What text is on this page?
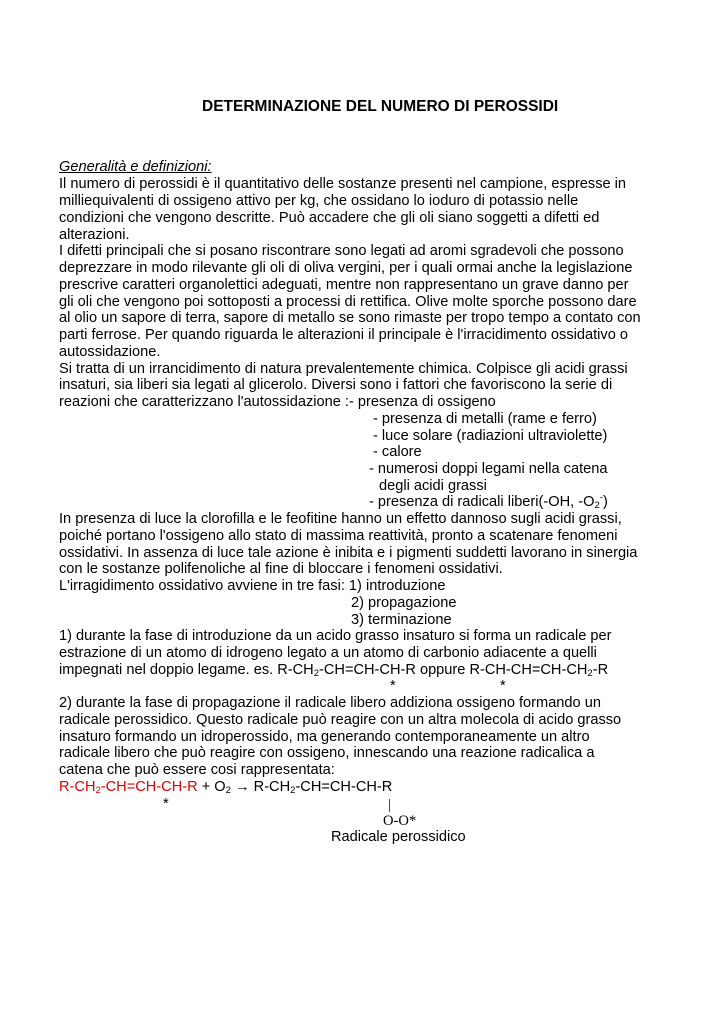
DETERMINAZIONE DEL NUMERO DI PEROSSIDI
Generalità e definizioni:
Il numero di perossidi è il quantitativo delle sostanze presenti nel campione, espresse in
milliequivalenti di ossigeno attivo per kg, che ossidano lo ioduro di potassio nelle
condizioni che vengono descritte. Può accadere che gli oli siano soggetti a difetti ed
alterazioni.
I difetti principali che si posano riscontrare sono legati ad aromi sgradevoli che possono
deprezzare in modo rilevante gli oli di oliva vergini, per i quali ormai anche la legislazione
prescrive caratteri organolettici adeguati, mentre non rappresentano un grave danno per
gli oli che vengono poi sottoposti a processi di rettifica. Olive molte sporche possono dare
al olio un sapore di terra, sapore di metallo se sono rimaste per tropo tempo a contato con
parti ferrose. Per quando riguarda le alterazioni il principale è l'irracidimento ossidativo o
autossidazione.
Si tratta di un irrancidimento di natura prevalentemente chimica. Colpisce gli acidi grassi
insaturi, sia liberi sia legati al glicerolo. Diversi sono i fattori che favoriscono la serie di
reazioni che caratterizzano l'autossidazione :- presenza di ossigeno
- presenza di metalli (rame e ferro)
- luce solare (radiazioni ultraviolette)
- calore
- numerosi doppi legami nella catena
degli acidi grassi
- presenza di radicali liberi(-OH, $-O_2^-$)
In presenza di luce la clorofilla e le feofitine hanno un effetto dannoso sugli acidi grassi,
poiché portano l'ossigeno allo stato di massima reattività, pronto a scatenare fenomeni
ossidativi. In assenza di luce tale azione è inibita e i pigmenti suddetti lavorano in sinergia
con le sostanze polifenoliche al fine di bloccare i fenomeni ossidativi.
L'irragidimento ossidativo avviene in tre fasi: 1) introduzione
2) propagazione
3) terminazione
1) durante la fase di introduzione da un acido grasso insaturo si forma un radicale per
estrazione di un atomo di idrogeno legato a un atomo di carbonio adiacente a quelli
impegnati nel doppio legame. es. $R-CH_2-CH=CH-CH-R$ oppure $R-CH-CH=CH-CH_2-R$
*	*
2) durante la fase di propagazione il radicale libero addiziona ossigeno formando un
radicale perossidico. Questo radicale può reagire con un altra molecola di acido grasso
insaturo formando un idroperossido, ma generando contemporaneamente un altro
radicale libero che può reagire con ossigeno, innescando una reazione radicalica a
catena che può essere cosi rappresentata:
$R-CH_2-CH=CH-CH-R + O_2 \to R-CH_2-CH=CH-CH-R$
*	|
O-O*
Radicale perossidico
